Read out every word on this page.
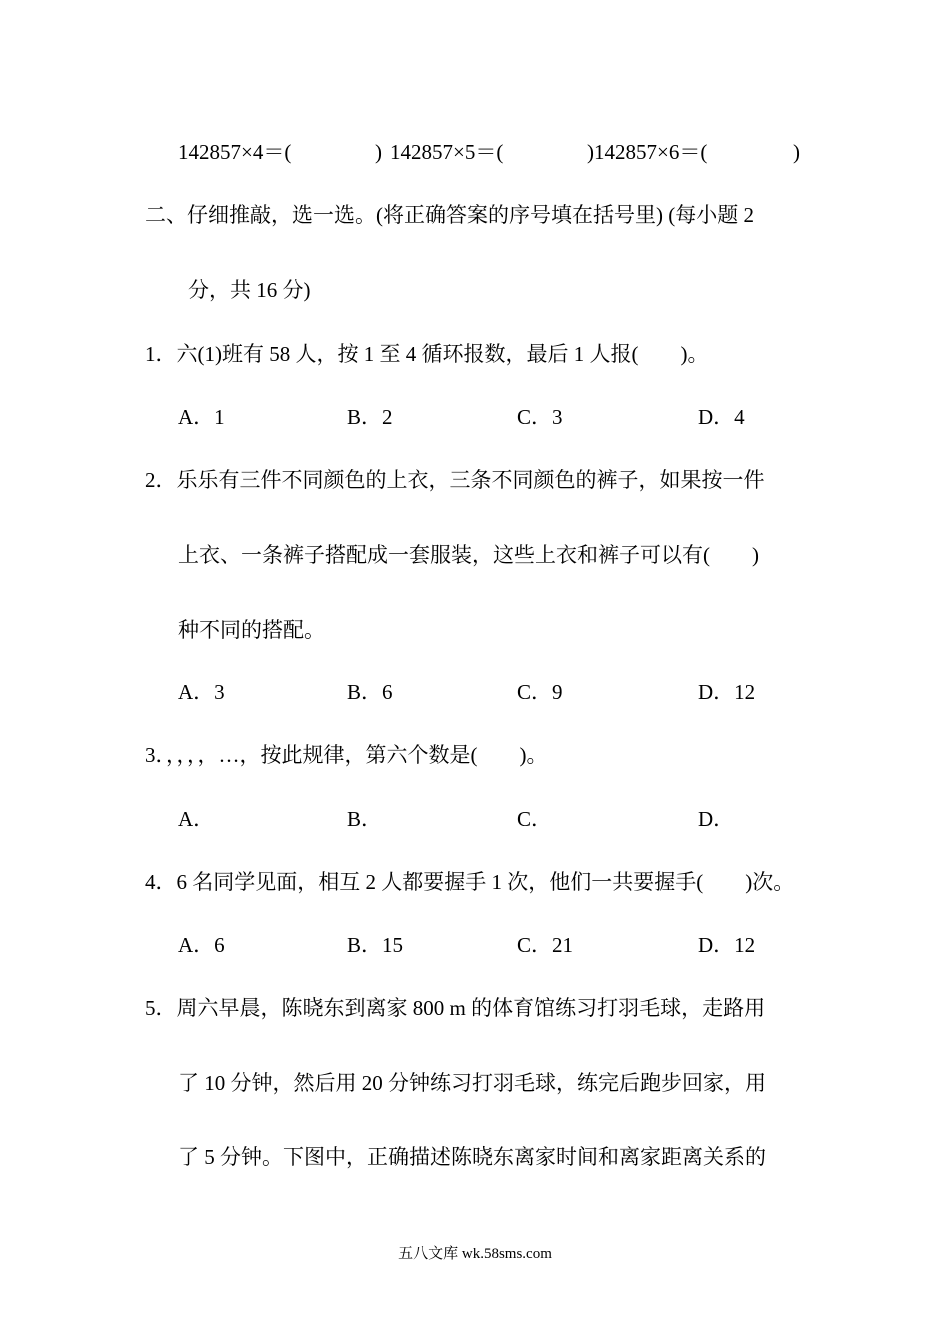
142857×4＝(	) 142857×5＝(	) 142857×6＝(	)
二、仔细推敲，选一选。(将正确答案的序号填在括号里) (每小题 2
分，共 16 分)
1．六(1)班有 58 人，按 1 至 4 循环报数，最后 1 人报(　　)。
A．1	B．2	C．3	D．4
2．乐乐有三件不同颜色的上衣，三条不同颜色的裤子，如果按一件
上衣、一条裤子搭配成一套服装，这些上衣和裤子可以有(　　)
种不同的搭配。
A．3	B．6	C．9	D．12
3．，，，，…，按此规律，第六个数是(　　)。
A．	B．	C．	D．
4．6 名同学见面，相互 2 人都要握手 1 次，他们一共要握手(　　)次。
A．6	B．15	C．21	D．12
5．周六早晨，陈晓东到离家 800 m 的体育馆练习打羽毛球，走路用
了 10 分钟，然后用 20 分钟练习打羽毛球，练完后跑步回家，用
了 5 分钟。下图中，正确描述陈晓东离家时间和离家距离关系的
五八文库 wk.58sms.com
